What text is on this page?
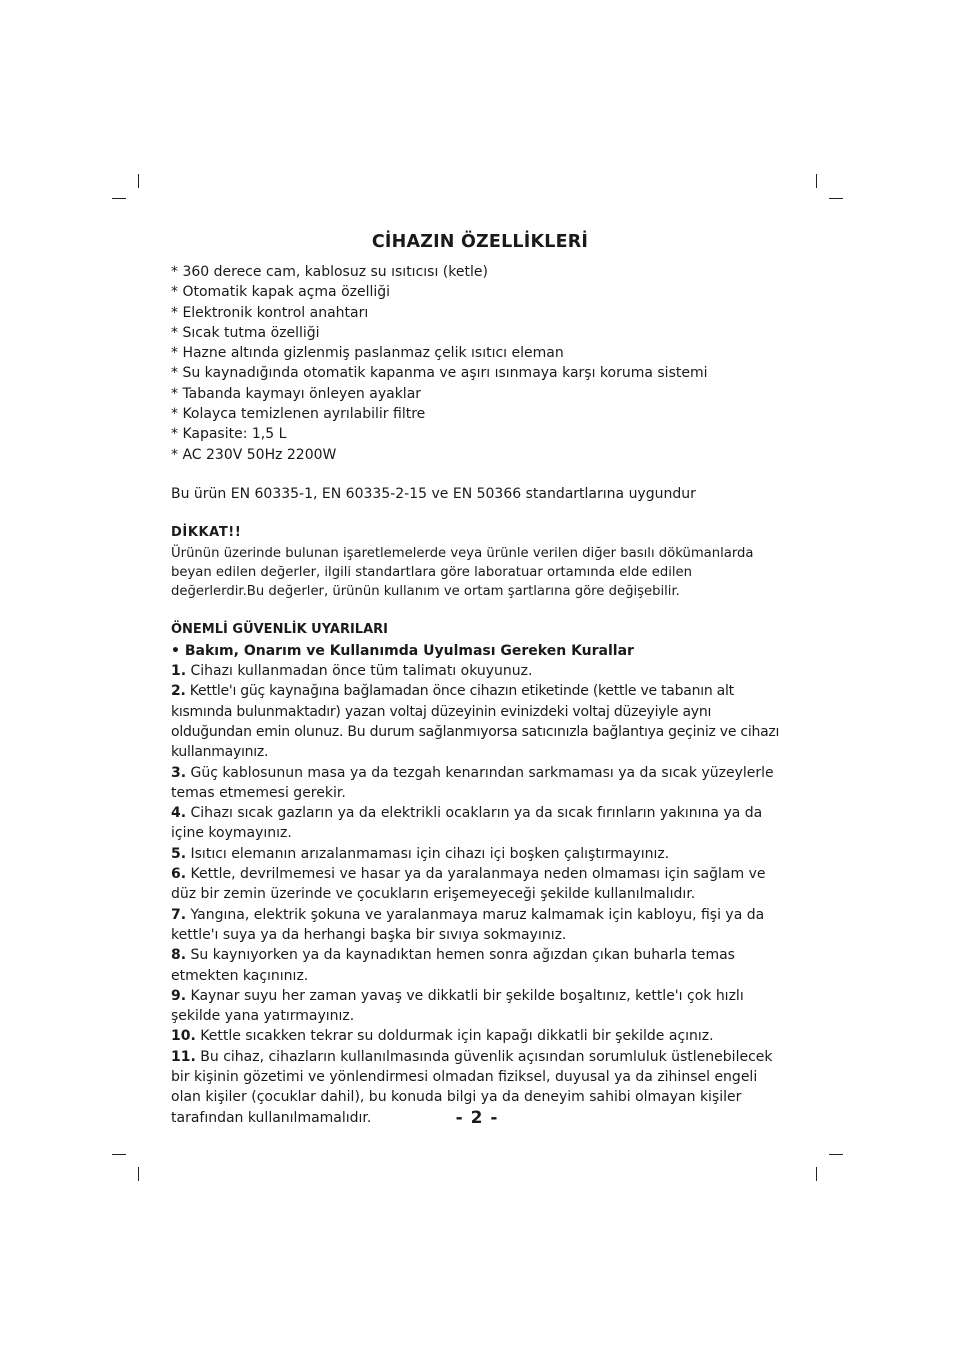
CİHAZIN ÖZELLİKLERİ
* 360 derece cam, kablosuz su ısıtıcısı (ketle)
* Otomatik kapak açma özelliği
* Elektronik kontrol anahtarı
* Sıcak tutma özelliği
* Hazne altında gizlenmiş paslanmaz çelik ısıtıcı eleman
* Su kaynadığında otomatik kapanma ve aşırı ısınmaya karşı koruma sistemi
* Tabanda kaymayı önleyen ayaklar
* Kolayca temizlenen ayrılabilir filtre
* Kapasite: 1,5 L
* AC 230V 50Hz 2200W
Bu ürün EN 60335-1, EN 60335-2-15 ve EN 50366 standartlarına uygundur
DİKKAT!!
Ürünün üzerinde bulunan işaretlemelerde veya ürünle verilen diğer basılı dökümanlarda beyan edilen değerler, ilgili standartlara göre laboratuar ortamında elde edilen değerlerdir.Bu değerler, ürünün kullanım ve ortam şartlarına göre değişebilir.
ÖNEMLİ GÜVENLİK UYARILARI
• Bakım, Onarım ve Kullanımda Uyulması Gereken Kurallar
1. Cihazı kullanmadan önce tüm talimatı okuyunuz.
2. Kettle'ı güç kaynağına bağlamadan önce cihazın etiketinde (kettle ve tabanın alt kısmında bulunmaktadır) yazan voltaj düzeyinin evinizdeki voltaj düzeyiyle aynı olduğundan emin olunuz. Bu durum sağlanmıyorsa satıcınızla bağlantıya geçiniz ve cihazı kullanmayınız.
3. Güç kablosunun masa ya da tezgah kenarından sarkmaması ya da sıcak yüzeylerle temas etmemesi gerekir.
4. Cihazı sıcak gazların ya da elektrikli ocakların ya da sıcak fırınların yakınına ya da içine koymayınız.
5. Isıtıcı elemanın arızalanmaması için cihazı içi boşken çalıştırmayınız.
6. Kettle, devrilmemesi ve hasar ya da yaralanmaya neden olmaması için sağlam ve düz bir zemin üzerinde ve çocukların erişemeyeceği şekilde kullanılmalıdır.
7. Yangına, elektrik şokuna ve yaralanmaya maruz kalmamak için kabloyu, fişi ya da kettle'ı suya ya da herhangi başka bir sıvıya sokmayınız.
8. Su kaynıyorken ya da kaynadıktan hemen sonra ağızdan çıkan buharla temas etmekten kaçınınız.
9. Kaynar suyu her zaman yavaş ve dikkatli bir şekilde boşaltınız, kettle'ı çok hızlı şekilde yana yatırmayınız.
10. Kettle sıcakken tekrar su doldurmak için kapağı dikkatli bir şekilde açınız.
11. Bu cihaz, cihazların kullanılmasında güvenlik açısından sorumluluk üstlenebilecek bir kişinin gözetimi ve yönlendirmesi olmadan fiziksel, duyusal ya da zihinsel engeli olan kişiler (çocuklar dahil), bu konuda bilgi ya da deneyim sahibi olmayan kişiler tarafından kullanılmamalıdır.	- 2 -
